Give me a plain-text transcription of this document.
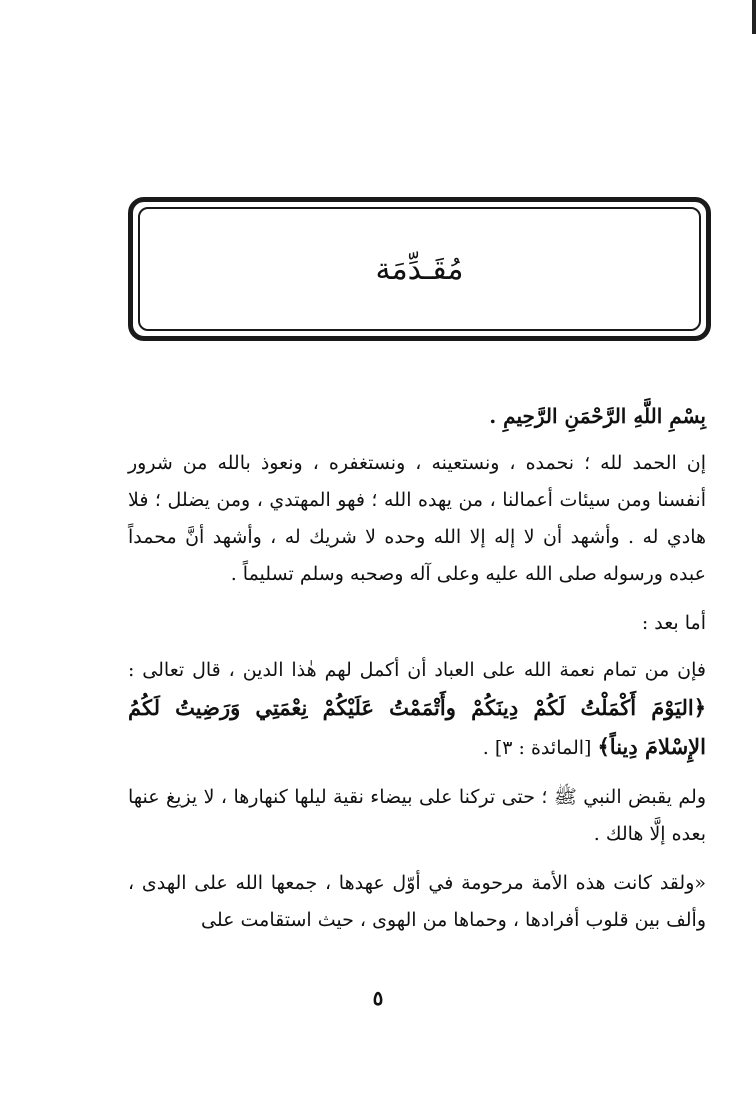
مُقَـدِّمَة

بِسْمِ اللَّهِ الرَّحْمَنِ الرَّحِيمِ .

إن الحمد لله ؛ نحمده ، ونستعينه ، ونستغفره ، ونعوذ بالله من شرور أنفسنا ومن سيئات أعمالنا ، من يهده الله ؛ فهو المهتدي ، ومن يضلل ؛ فلا هادي له . وأشهد أن لا إله إلا الله وحده لا شريك له ، وأشهد أنَّ محمداً عبده ورسوله صلى الله عليه وعلى آله وصحبه وسلم تسليماً .

أما بعد :

فإن من تمام نعمة الله على العباد أن أكمل لهم هٰذا الدين ، قال تعالى : ﴿اليَوْمَ أَكْمَلْتُ لَكُمْ دِينَكُمْ وأَتْمَمْتُ عَلَيْكُمْ نِعْمَتِي وَرَضِيتُ لَكُمُ الإِسْلامَ دِيناً﴾ [المائدة : ٣] .

ولم يقبض النبي ﷺ ؛ حتى تركنا على بيضاء نقية ليلها كنهارها ، لا يزيغ عنها بعده إلَّا هالك .

«ولقد كانت هذه الأمة مرحومة في أوّل عهدها ، جمعها الله على الهدى ، وألف بين قلوب أفرادها ، وحماها من الهوى ، حيث استقامت على

٥
